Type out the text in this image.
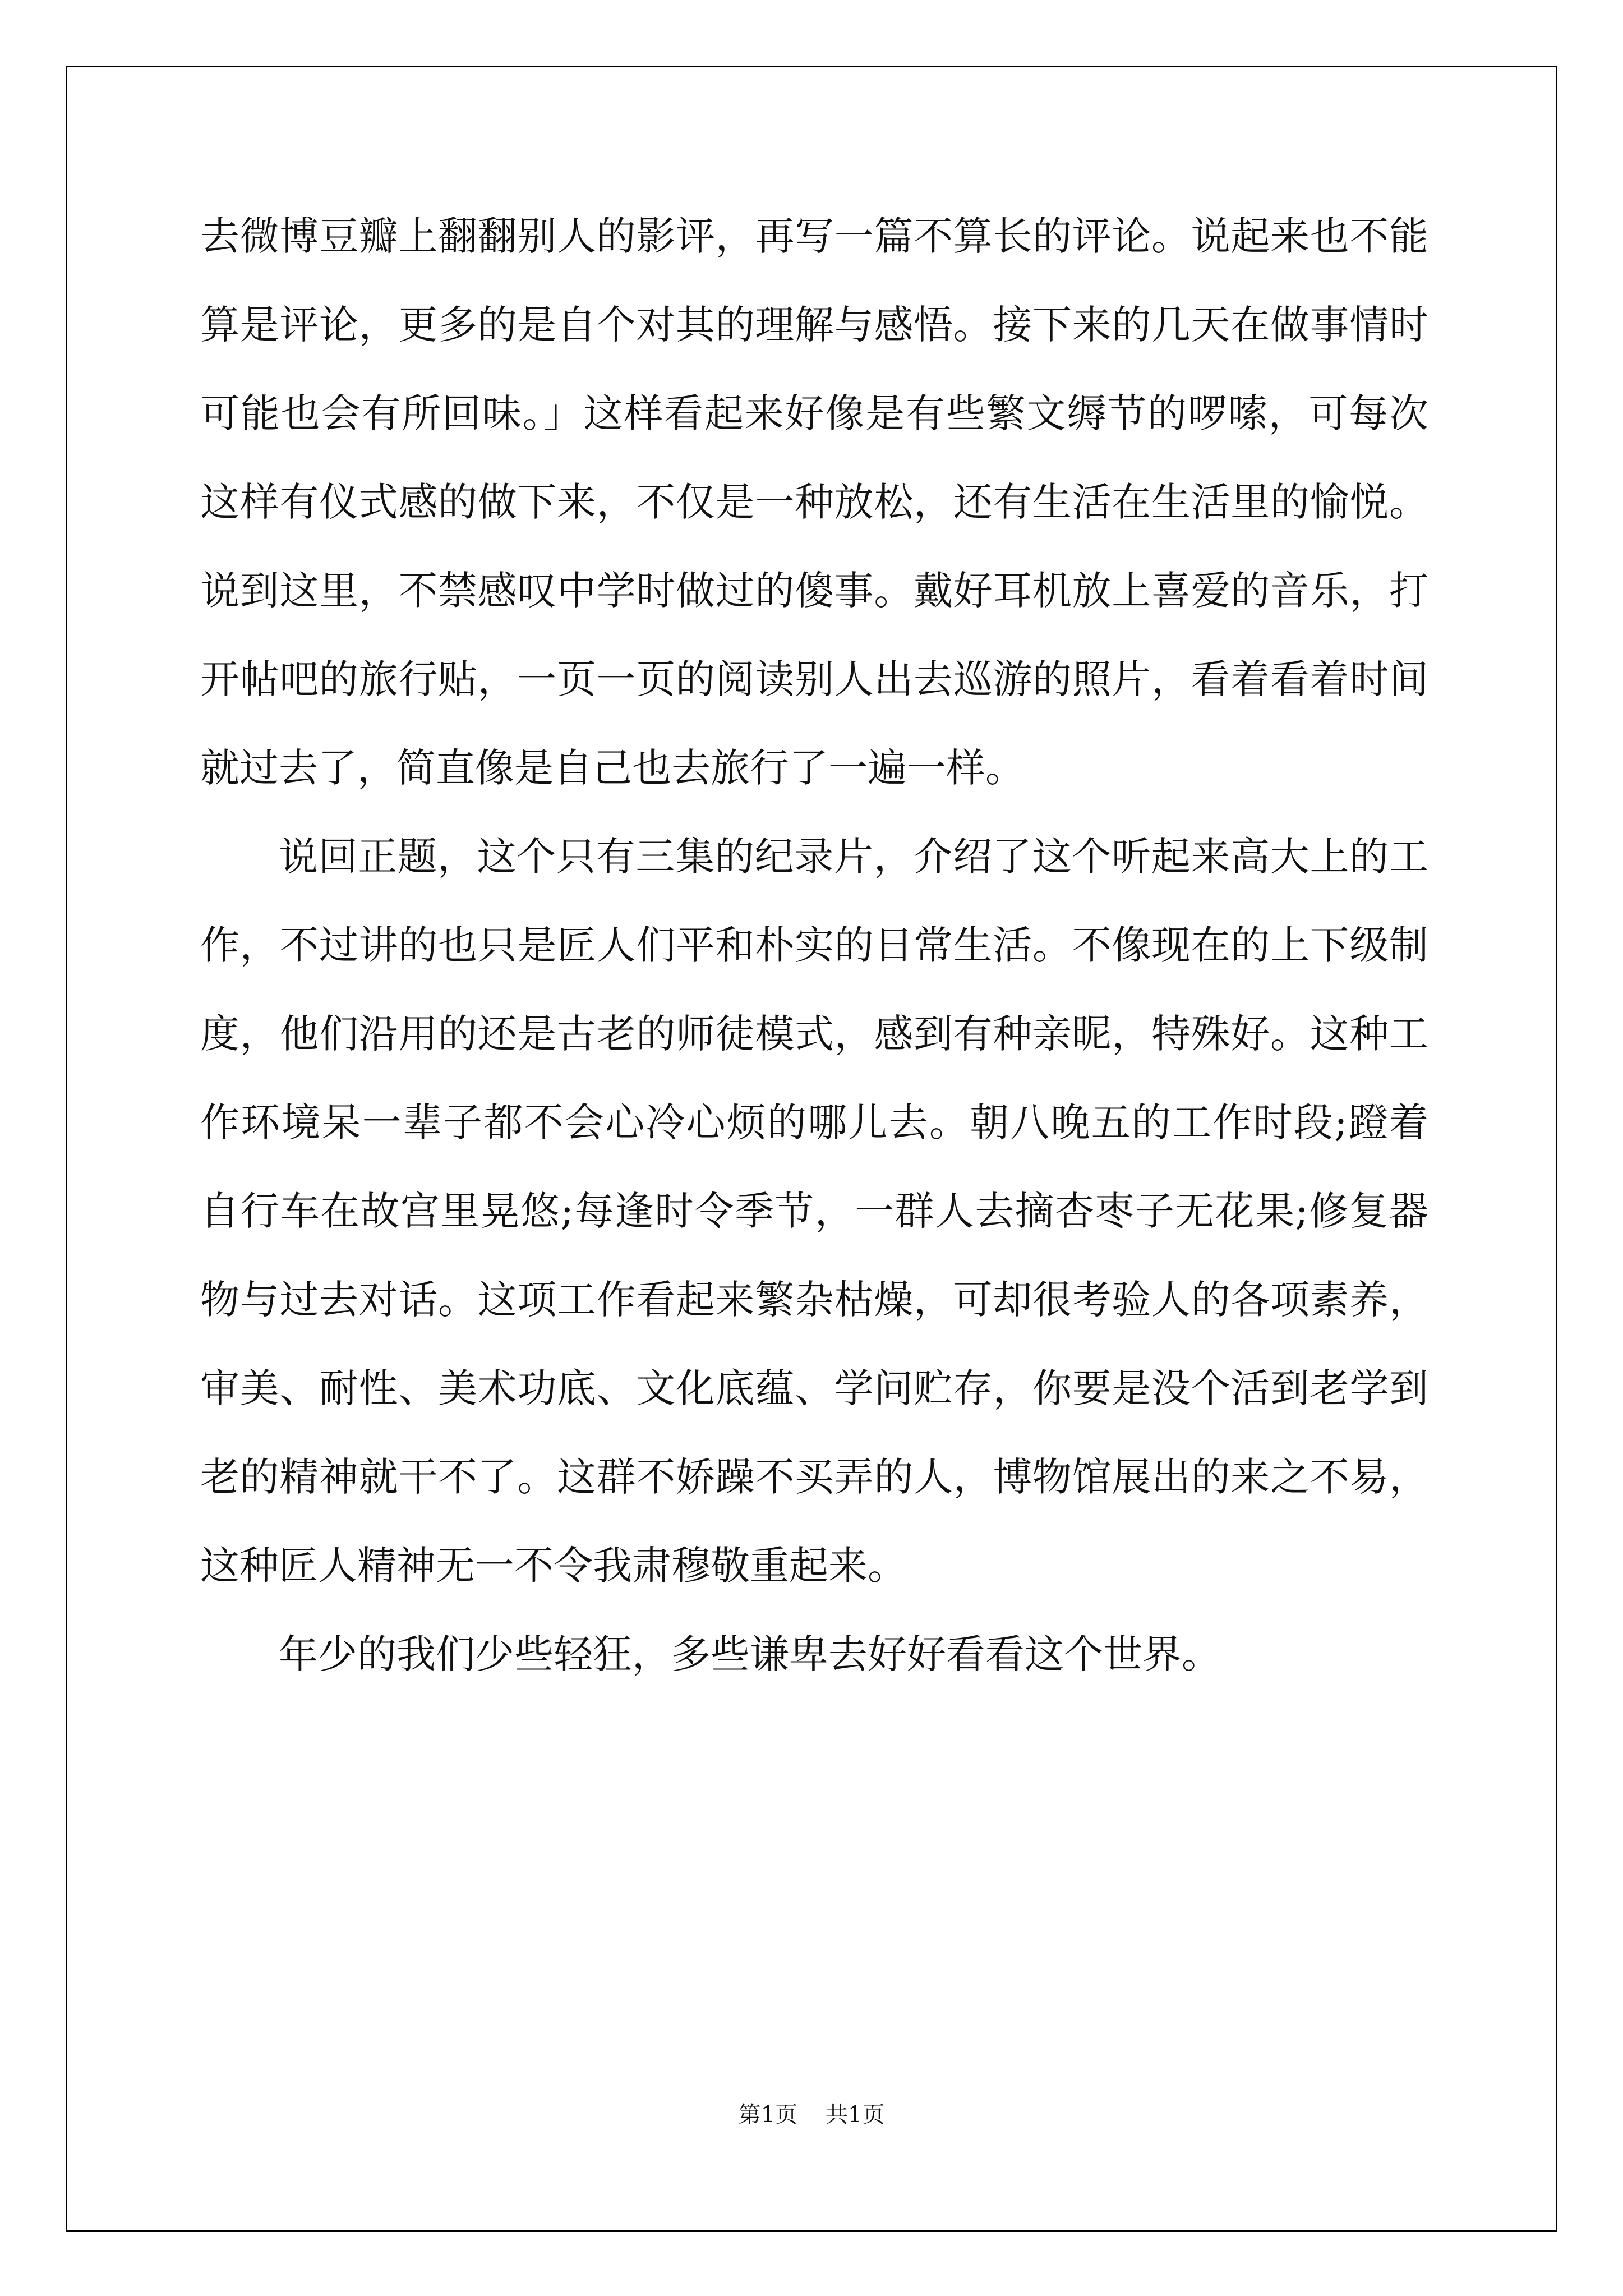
去微博豆瓣上翻翻别人的影评，再写一篇不算长的评论。说起来也不能算是评论，更多的是自个对其的理解与感悟。接下来的几天在做事情时可能也会有所回味。」这样看起来好像是有些繁文缛节的啰嗦，可每次这样有仪式感的做下来，不仅是一种放松，还有生活在生活里的愉悦。说到这里，不禁感叹中学时做过的傻事。戴好耳机放上喜爱的音乐，打开帖吧的旅行贴，一页一页的阅读别人出去巡游的照片，看着看着时间就过去了，简直像是自己也去旅行了一遍一样。

说回正题，这个只有三集的纪录片，介绍了这个听起来高大上的工作，不过讲的也只是匠人们平和朴实的日常生活。不像现在的上下级制度，他们沿用的还是古老的师徒模式，感到有种亲昵，特殊好。这种工作环境呆一辈子都不会心冷心烦的哪儿去。朝八晚五的工作时段;蹬着自行车在故宫里晃悠;每逢时令季节，一群人去摘杏枣子无花果;修复器物与过去对话。这项工作看起来繁杂枯燥，可却很考验人的各项素养，审美、耐性、美术功底、文化底蕴、学问贮存，你要是没个活到老学到老的精神就干不了。这群不娇躁不买弄的人，博物馆展出的来之不易，这种匠人精神无一不令我肃穆敬重起来。

年少的我们少些轻狂，多些谦卑去好好看看这个世界。

第1页 共1页
